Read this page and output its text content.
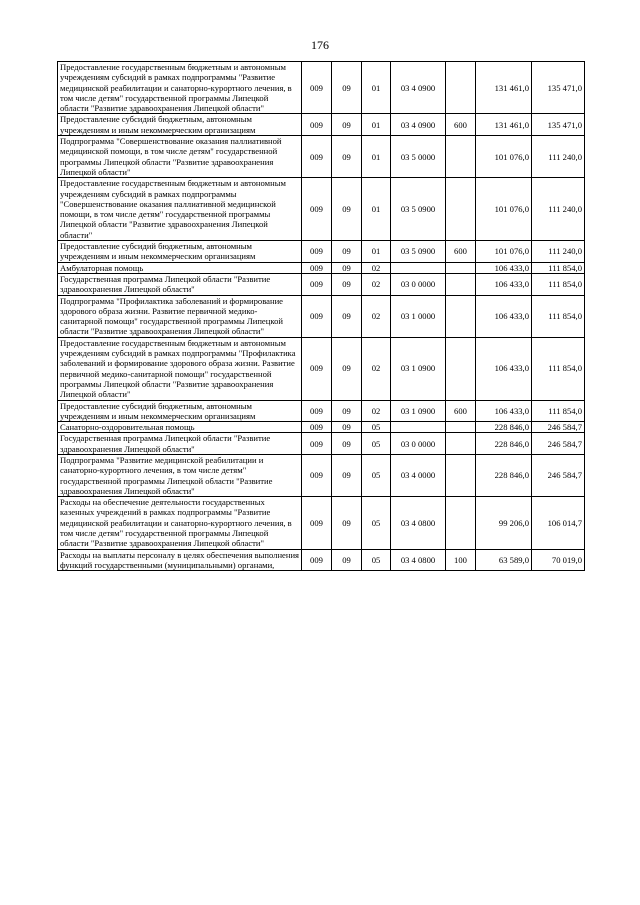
176
Предоставление государственным бюджетным и автономным учреждениям субсидий в рамках подпрограммы "Развитие медицинской реабилитации и санаторно-курортного лечения, в том числе детям" государственной программы Липецкой области "Развитие здравоохранения Липецкой области"	009	09	01	03 4 0900		131 461,0	135 471,0
Предоставление субсидий бюджетным, автономным учреждениям и иным некоммерческим организациям	009	09	01	03 4 0900	600	131 461,0	135 471,0
Подпрограмма "Совершенствование оказания паллиативной медицинской помощи, в том числе детям" государственной программы Липецкой области "Развитие здравоохранения Липецкой области"	009	09	01	03 5 0000		101 076,0	111 240,0
Предоставление государственным бюджетным и автономным учреждениям субсидий в рамках подпрограммы "Совершенствование оказания паллиативной медицинской помощи, в том числе детям" государственной программы Липецкой области "Развитие здравоохранения Липецкой области"	009	09	01	03 5 0900		101 076,0	111 240,0
Предоставление субсидий бюджетным, автономным учреждениям и иным некоммерческим организациям	009	09	01	03 5 0900	600	101 076,0	111 240,0
Амбулаторная помощь	009	09	02			106 433,0	111 854,0
Государственная программа Липецкой области "Развитие здравоохранения Липецкой области"	009	09	02	03 0 0000		106 433,0	111 854,0
Подпрограмма "Профилактика заболеваний и формирование здорового образа жизни. Развитие первичной медико-санитарной помощи" государственной программы Липецкой области "Развитие здравоохранения Липецкой области"	009	09	02	03 1 0000		106 433,0	111 854,0
Предоставление государственным бюджетным и автономным учреждениям субсидий в рамках подпрограммы "Профилактика заболеваний и формирование здорового образа жизни. Развитие первичной медико-санитарной помощи" государственной программы Липецкой области "Развитие здравоохранения Липецкой области"	009	09	02	03 1 0900		106 433,0	111 854,0
Предоставление субсидий бюджетным, автономным учреждениям и иным некоммерческим организациям	009	09	02	03 1 0900	600	106 433,0	111 854,0
Санаторно-оздоровительная помощь	009	09	05			228 846,0	246 584,7
Государственная программа Липецкой области "Развитие здравоохранения Липецкой области"	009	09	05	03 0 0000		228 846,0	246 584,7
Подпрограмма "Развитие медицинской реабилитации и санаторно-курортного лечения, в том числе детям" государственной программы Липецкой области "Развитие здравоохранения Липецкой области"	009	09	05	03 4 0000		228 846,0	246 584,7
Расходы на обеспечение деятельности государственных казенных учреждений в рамках подпрограммы "Развитие медицинской реабилитации и санаторно-курортного лечения, в том числе детям" государственной программы Липецкой области "Развитие здравоохранения Липецкой области"	009	09	05	03 4 0800		99 206,0	106 014,7
Расходы на выплаты персоналу в целях обеспечения выполнения функций государственными (муниципальными) органами,	009	09	05	03 4 0800	100	63 589,0	70 019,0
